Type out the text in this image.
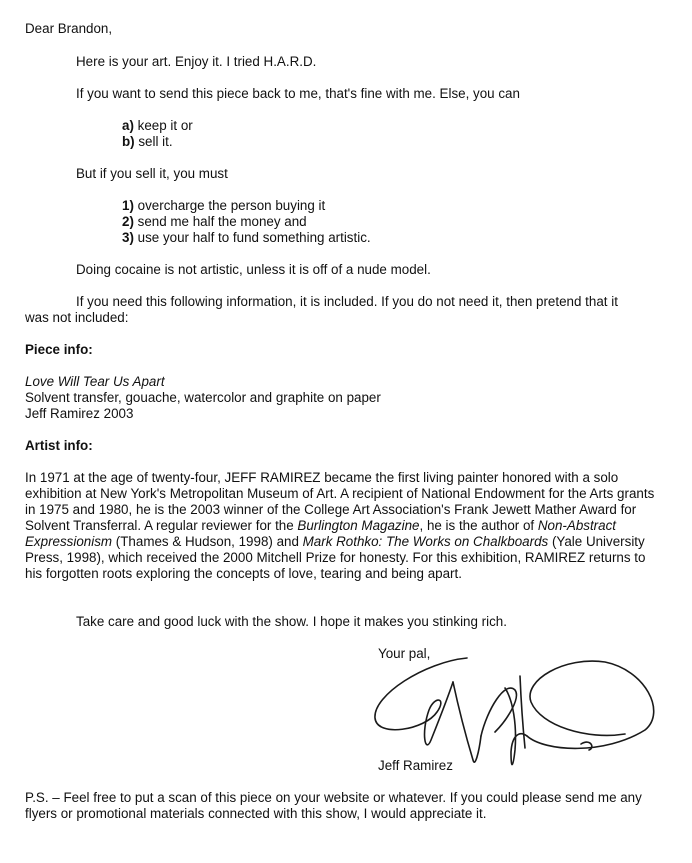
Dear Brandon,

Here is your art. Enjoy it. I tried H.A.R.D.

If you want to send this piece back to me, that's fine with me. Else, you can

a) keep it or
b) sell it.

But if you sell it, you must

1) overcharge the person buying it
2) send me half the money and
3) use your half to fund something artistic.

Doing cocaine is not artistic, unless it is off of a nude model.

If you need this following information, it is included. If you do not need it, then pretend that it was not included:

Piece info:

Love Will Tear Us Apart
Solvent transfer, gouache, watercolor and graphite on paper
Jeff Ramirez 2003

Artist info:

In 1971 at the age of twenty-four, JEFF RAMIREZ became the first living painter honored with a solo exhibition at New York's Metropolitan Museum of Art. A recipient of National Endowment for the Arts grants in 1975 and 1980, he is the 2003 winner of the College Art Association's Frank Jewett Mather Award for Solvent Transferral. A regular reviewer for the Burlington Magazine, he is the author of Non-Abstract Expressionism (Thames & Hudson, 1998) and Mark Rothko: The Works on Chalkboards (Yale University Press, 1998), which received the 2000 Mitchell Prize for honesty. For this exhibition, RAMIREZ returns to his forgotten roots exploring the concepts of love, tearing and being apart.

Take care and good luck with the show. I hope it makes you stinking rich.

Your pal,

Jeff Ramirez

P.S. – Feel free to put a scan of this piece on your website or whatever. If you could please send me any flyers or promotional materials connected with this show, I would appreciate it.
